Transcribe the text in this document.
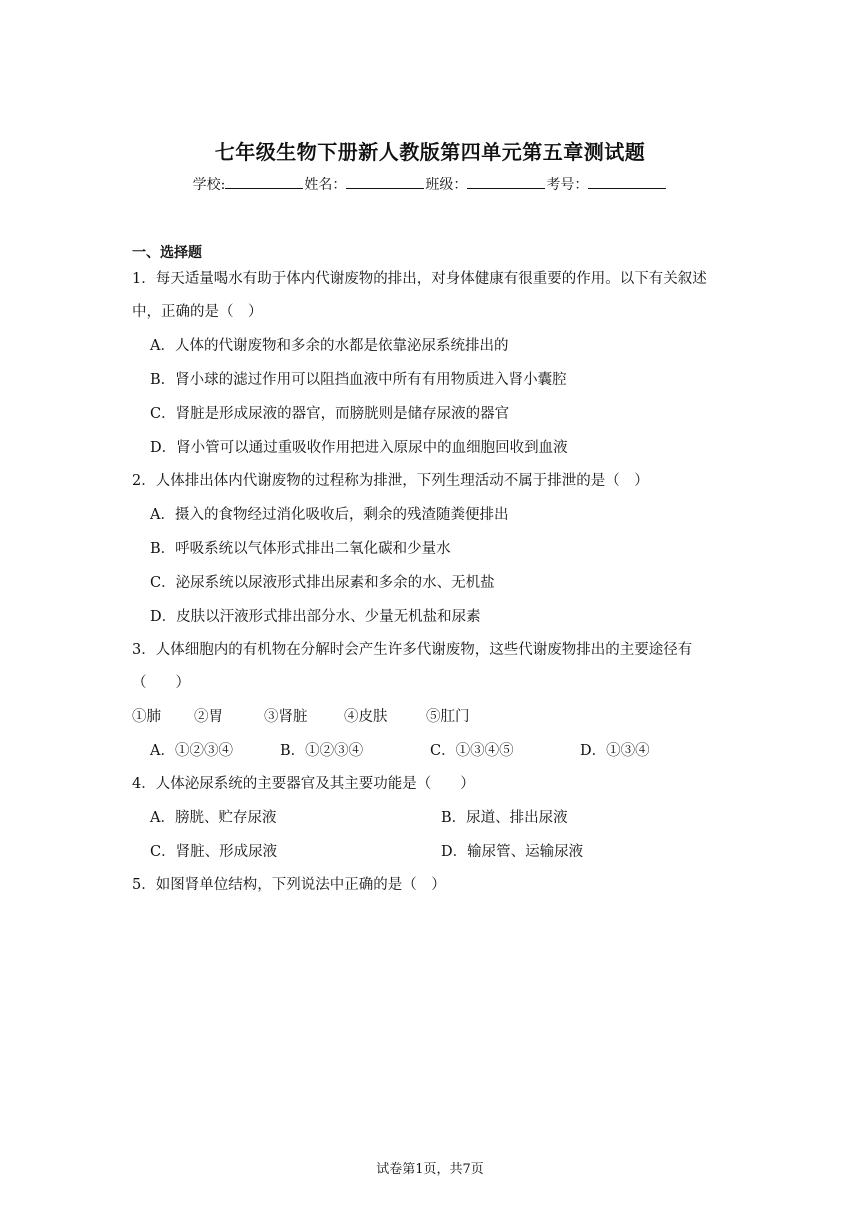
七年级生物下册新人教版第四单元第五章测试题
学校:	姓名：	班级：	考号：
一、选择题
1．每天适量喝水有助于体内代谢废物的排出，对身体健康有很重要的作用。以下有关叙述中，正确的是（　）
A．人体的代谢废物和多余的水都是依靠泌尿系统排出的
B．肾小球的滤过作用可以阻挡血液中所有有用物质进入肾小囊腔
C．肾脏是形成尿液的器官，而膀胱则是储存尿液的器官
D．肾小管可以通过重吸收作用把进入原尿中的血细胞回收到血液
2．人体排出体内代谢废物的过程称为排泄，下列生理活动不属于排泄的是（　）
A．摄入的食物经过消化吸收后，剩余的残渣随粪便排出
B．呼吸系统以气体形式排出二氧化碳和少量水
C．泌尿系统以尿液形式排出尿素和多余的水、无机盐
D．皮肤以汗液形式排出部分水、少量无机盐和尿素
3．人体细胞内的有机物在分解时会产生许多代谢废物，这些代谢废物排出的主要途径有（　　）
①肺	②胃	③肾脏	④皮肤	⑤肛门
A．①②③④	B．①②③④	C．①③④⑤	D．①③④
4．人体泌尿系统的主要器官及其主要功能是（　　）
A．膀胱、贮存尿液	B．尿道、排出尿液
C．肾脏、形成尿液	D．输尿管、运输尿液
5．如图肾单位结构，下列说法中正确的是（　）
试卷第1页，共7页
